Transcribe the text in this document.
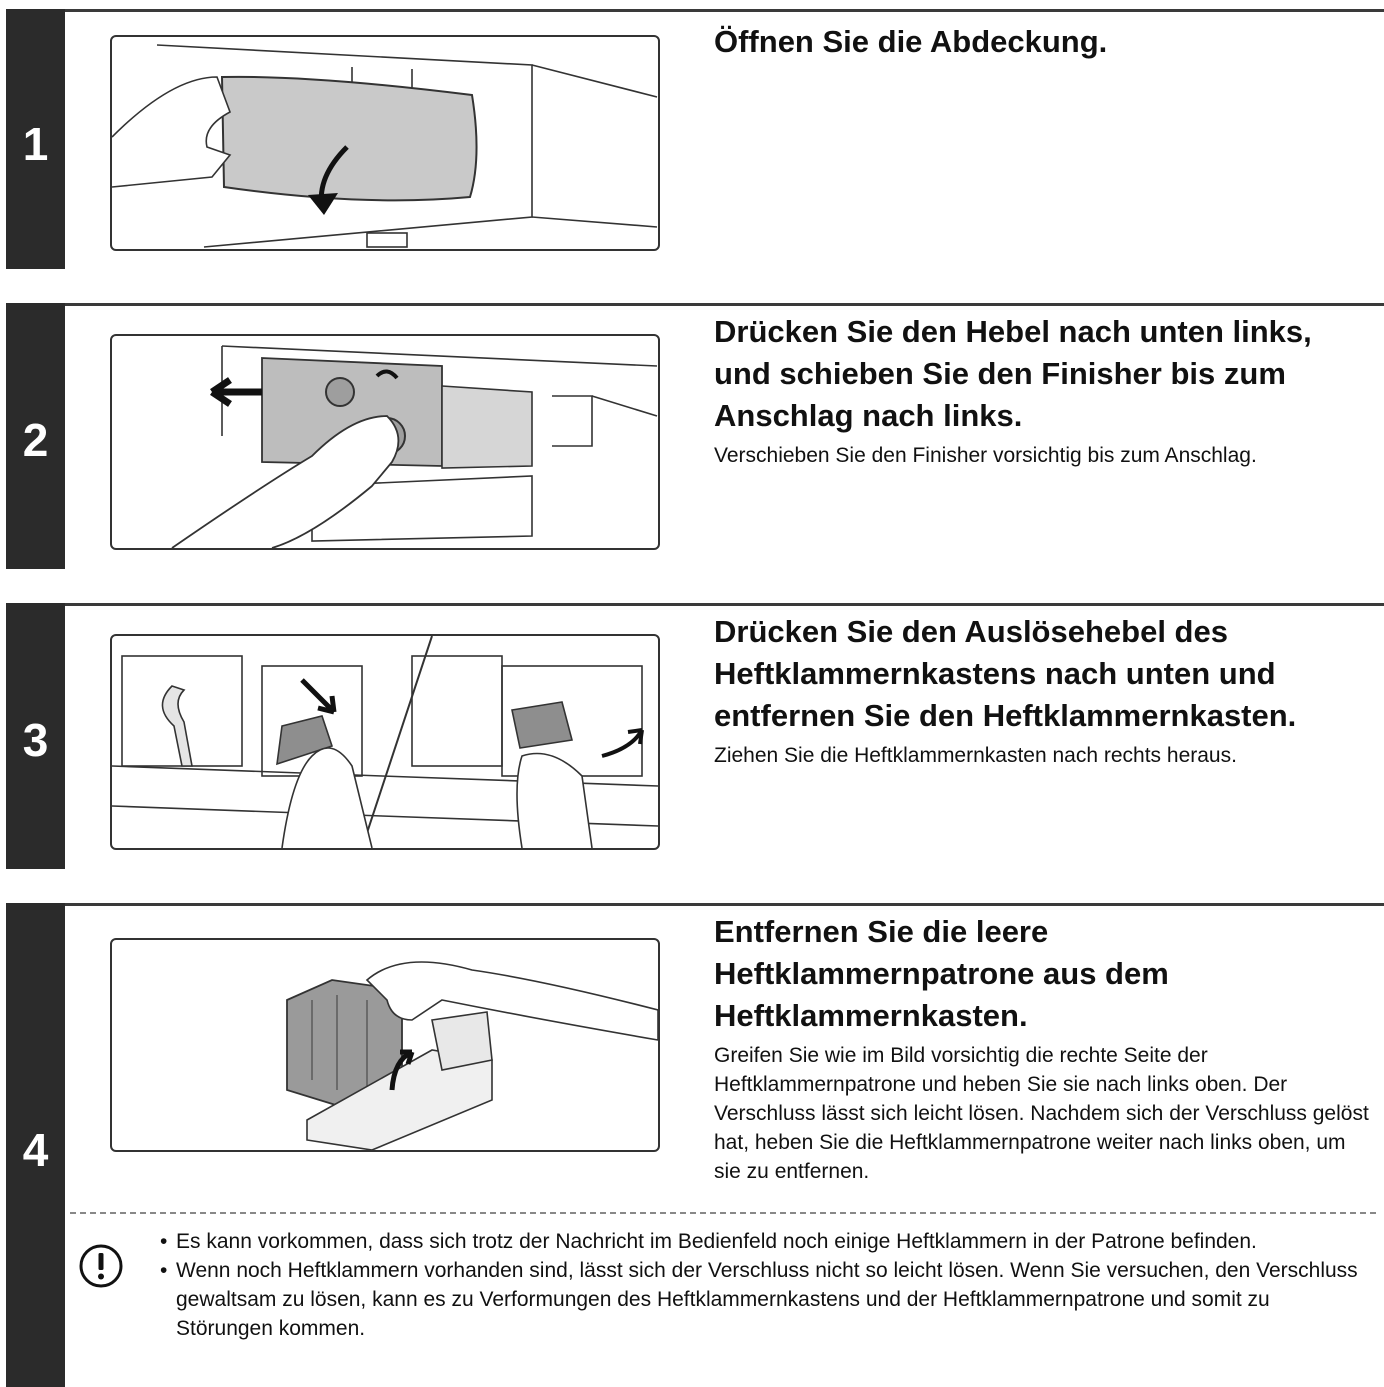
1

Öffnen Sie die Abdeckung.

2

Drücken Sie den Hebel nach unten links, und schieben Sie den Finisher bis zum Anschlag nach links.

Verschieben Sie den Finisher vorsichtig bis zum Anschlag.

3

Drücken Sie den Auslösehebel des Heftklammernkastens nach unten und entfernen Sie den Heftklammernkasten.

Ziehen Sie die Heftklammernkasten nach rechts heraus.

4

Entfernen Sie die leere Heftklammernpatrone aus dem Heftklammernkasten.

Greifen Sie wie im Bild vorsichtig die rechte Seite der Heftklammernpatrone und heben Sie sie nach links oben. Der Verschluss lässt sich leicht lösen. Nachdem sich der Verschluss gelöst hat, heben Sie die Heftklammernpatrone weiter nach links oben, um sie zu entfernen.

• Es kann vorkommen, dass sich trotz der Nachricht im Bedienfeld noch einige Heftklammern in der Patrone befinden.
• Wenn noch Heftklammern vorhanden sind, lässt sich der Verschluss nicht so leicht lösen. Wenn Sie versuchen, den Verschluss gewaltsam zu lösen, kann es zu Verformungen des Heftklammernkastens und der Heftklammernpatrone und somit zu Störungen kommen.
